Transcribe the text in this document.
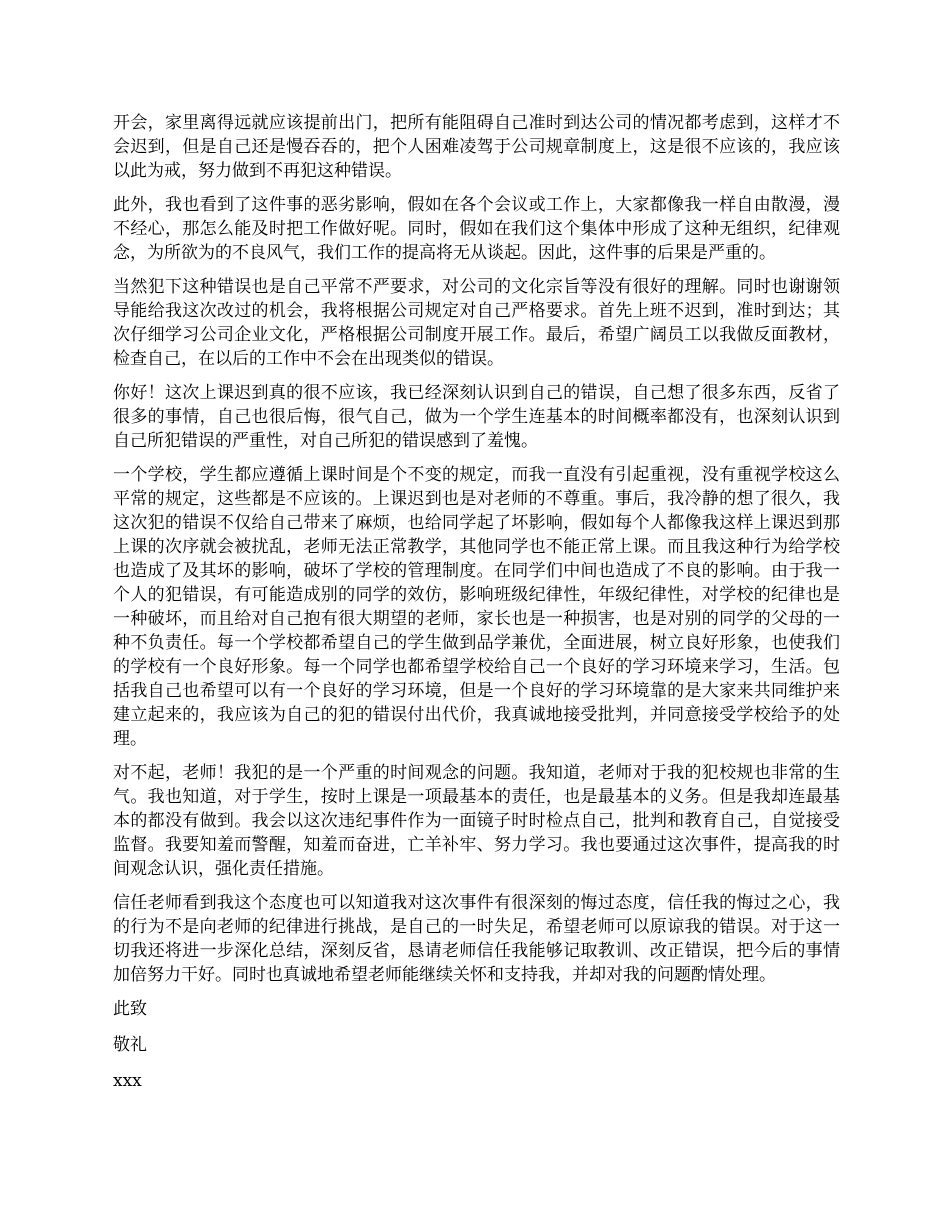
开会，家里离得远就应该提前出门，把所有能阻碍自己准时到达公司的情况都考虑到，这样才不会迟到，但是自己还是慢吞吞的，把个人困难凌驾于公司规章制度上，这是很不应该的，我应该以此为戒，努力做到不再犯这种错误。

此外，我也看到了这件事的恶劣影响，假如在各个会议或工作上，大家都像我一样自由散漫，漫不经心，那怎么能及时把工作做好呢。同时，假如在我们这个集体中形成了这种无组织，纪律观念，为所欲为的不良风气，我们工作的提高将无从谈起。因此，这件事的后果是严重的。

当然犯下这种错误也是自己平常不严要求，对公司的文化宗旨等没有很好的理解。同时也谢谢领导能给我这次改过的机会，我将根据公司规定对自己严格要求。首先上班不迟到，准时到达；其次仔细学习公司企业文化，严格根据公司制度开展工作。最后，希望广阔员工以我做反面教材，检查自己，在以后的工作中不会在出现类似的错误。

你好！这次上课迟到真的很不应该，我已经深刻认识到自己的错误，自己想了很多东西，反省了很多的事情，自己也很后悔，很气自己，做为一个学生连基本的时间概率都没有，也深刻认识到自己所犯错误的严重性，对自己所犯的错误感到了羞愧。

一个学校，学生都应遵循上课时间是个不变的规定，而我一直没有引起重视，没有重视学校这么平常的规定，这些都是不应该的。上课迟到也是对老师的不尊重。事后，我冷静的想了很久，我这次犯的错误不仅给自己带来了麻烦，也给同学起了坏影响，假如每个人都像我这样上课迟到那上课的次序就会被扰乱，老师无法正常教学，其他同学也不能正常上课。而且我这种行为给学校也造成了及其坏的影响，破坏了学校的管理制度。在同学们中间也造成了不良的影响。由于我一个人的犯错误，有可能造成别的同学的效仿，影响班级纪律性，年级纪律性，对学校的纪律也是一种破坏，而且给对自己抱有很大期望的老师，家长也是一种损害，也是对别的同学的父母的一种不负责任。每一个学校都希望自己的学生做到品学兼优，全面进展，树立良好形象，也使我们的学校有一个良好形象。每一个同学也都希望学校给自己一个良好的学习环境来学习，生活。包括我自己也希望可以有一个良好的学习环境，但是一个良好的学习环境靠的是大家来共同维护来建立起来的，我应该为自己的犯的错误付出代价，我真诚地接受批判，并同意接受学校给予的处理。

对不起，老师！我犯的是一个严重的时间观念的问题。我知道，老师对于我的犯校规也非常的生气。我也知道，对于学生，按时上课是一项最基本的责任，也是最基本的义务。但是我却连最基本的都没有做到。我会以这次违纪事件作为一面镜子时时检点自己，批判和教育自己，自觉接受监督。我要知羞而警醒，知羞而奋进，亡羊补牢、努力学习。我也要通过这次事件，提高我的时间观念认识，强化责任措施。

信任老师看到我这个态度也可以知道我对这次事件有很深刻的悔过态度，信任我的悔过之心，我的行为不是向老师的纪律进行挑战，是自己的一时失足，希望老师可以原谅我的错误。对于这一切我还将进一步深化总结，深刻反省，恳请老师信任我能够记取教训、改正错误，把今后的事情加倍努力干好。同时也真诚地希望老师能继续关怀和支持我，并却对我的问题酌情处理。

此致

敬礼

xxx
